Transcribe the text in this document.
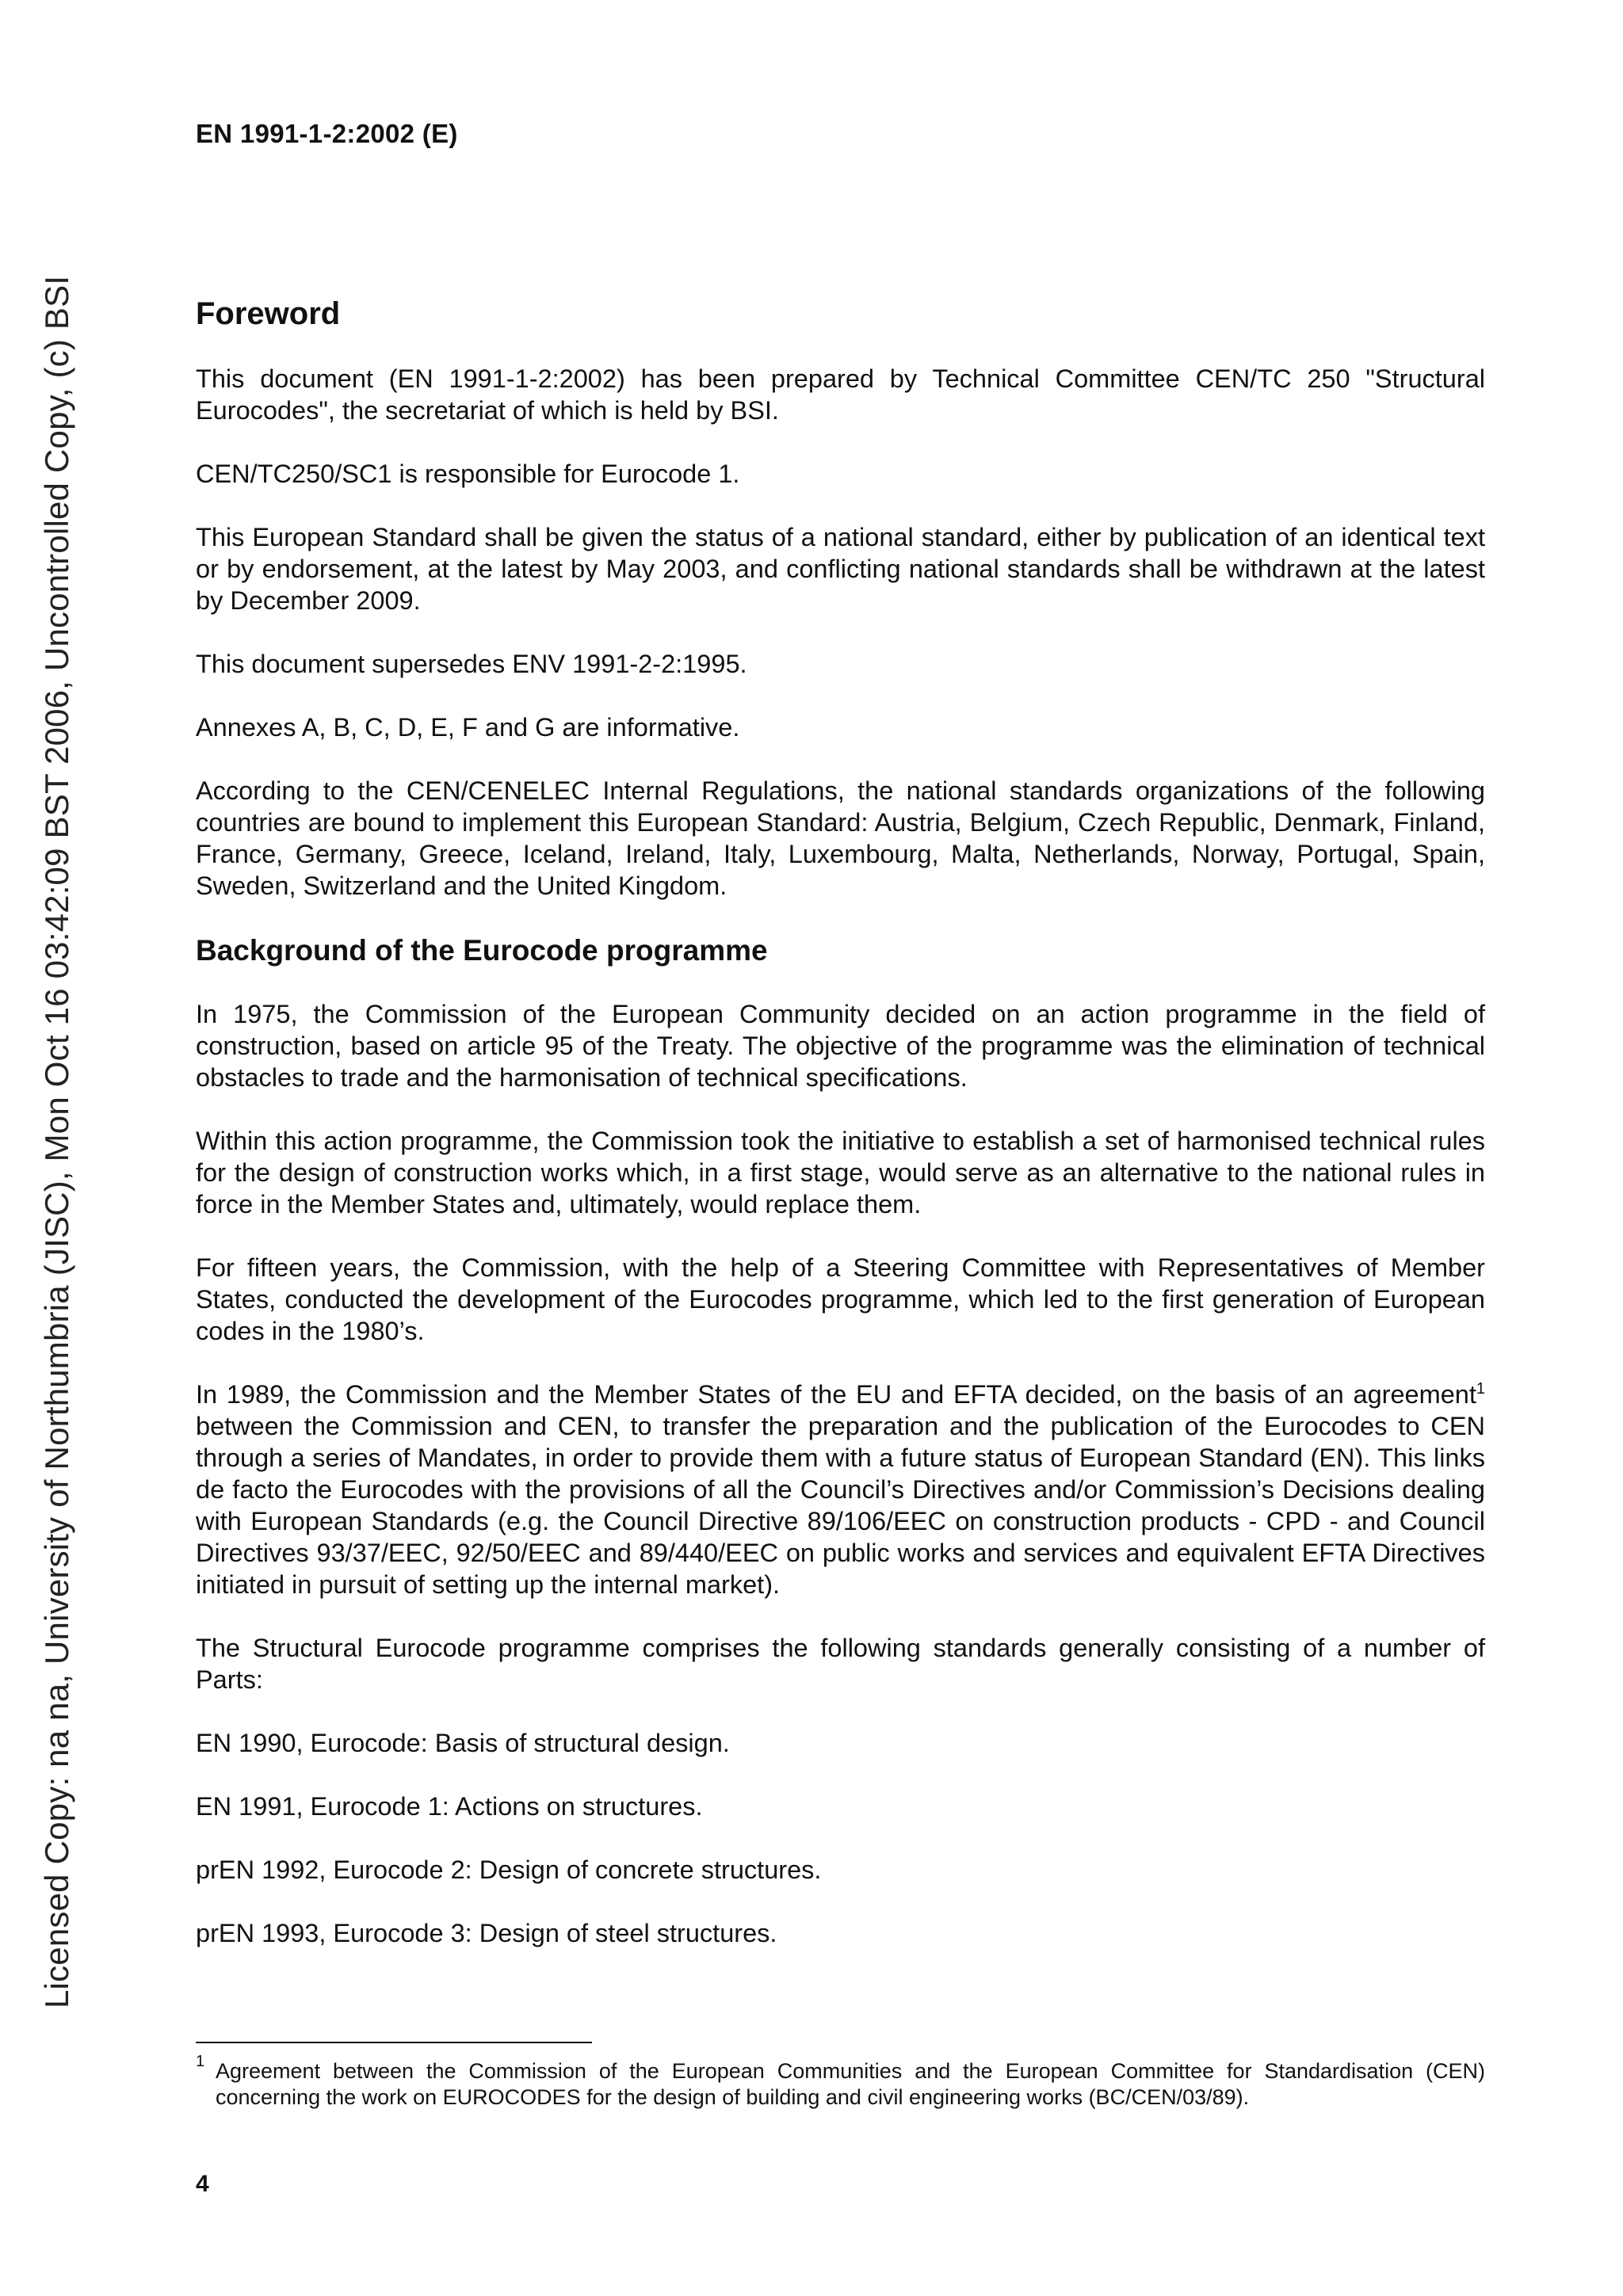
EN 1991-1-2:2002 (E)
Licensed Copy: na na, University of Northumbria (JISC), Mon Oct 16 03:42:09 BST 2006, Uncontrolled Copy, (c) BSI	Foreword

This document (EN 1991-1-2:2002) has been prepared by Technical Committee CEN/TC 250 "Structural Eurocodes", the secretariat of which is held by BSI.

CEN/TC250/SC1 is responsible for Eurocode 1.

This European Standard shall be given the status of a national standard, either by publication of an identical text or by endorsement, at the latest by May 2003, and conflicting national standards shall be withdrawn at the latest by December 2009.

This document supersedes ENV 1991-2-2:1995.

Annexes A, B, C, D, E, F and G are informative.

According to the CEN/CENELEC Internal Regulations, the national standards organizations of the following countries are bound to implement this European Standard: Austria, Belgium, Czech Republic, Denmark, Finland, France, Germany, Greece, Iceland, Ireland, Italy, Luxembourg, Malta, Netherlands, Norway, Portugal, Spain, Sweden, Switzerland and the United Kingdom.

Background of the Eurocode programme

In 1975, the Commission of the European Community decided on an action programme in the field of construction, based on article 95 of the Treaty. The objective of the programme was the elimination of technical obstacles to trade and the harmonisation of technical specifications.

Within this action programme, the Commission took the initiative to establish a set of harmonised technical rules for the design of construction works which, in a first stage, would serve as an alternative to the national rules in force in the Member States and, ultimately, would replace them.

For fifteen years, the Commission, with the help of a Steering Committee with Representatives of Member States, conducted the development of the Eurocodes programme, which led to the first generation of European codes in the 1980’s.

In 1989, the Commission and the Member States of the EU and EFTA decided, on the basis of an agreement$^1$ between the Commission and CEN, to transfer the preparation and the publication of the Eurocodes to CEN through a series of Mandates, in order to provide them with a future status of European Standard (EN). This links de facto the Eurocodes with the provisions of all the Council’s Directives and/or Commission’s Decisions dealing with European Standards (e.g. the Council Directive 89/106/EEC on construction products - CPD - and Council Directives 93/37/EEC, 92/50/EEC and 89/440/EEC on public works and services and equivalent EFTA Directives initiated in pursuit of setting up the internal market).

The Structural Eurocode programme comprises the following standards generally consisting of a number of Parts:

EN 1990, Eurocode: Basis of structural design.

EN 1991, Eurocode 1: Actions on structures.

prEN 1992, Eurocode 2: Design of concrete structures.

prEN 1993, Eurocode 3: Design of steel structures.

1 Agreement between the Commission of the European Communities and the European Committee for Standardisation (CEN) concerning the work on EUROCODES for the design of building and civil engineering works (BC/CEN/03/89).
4
